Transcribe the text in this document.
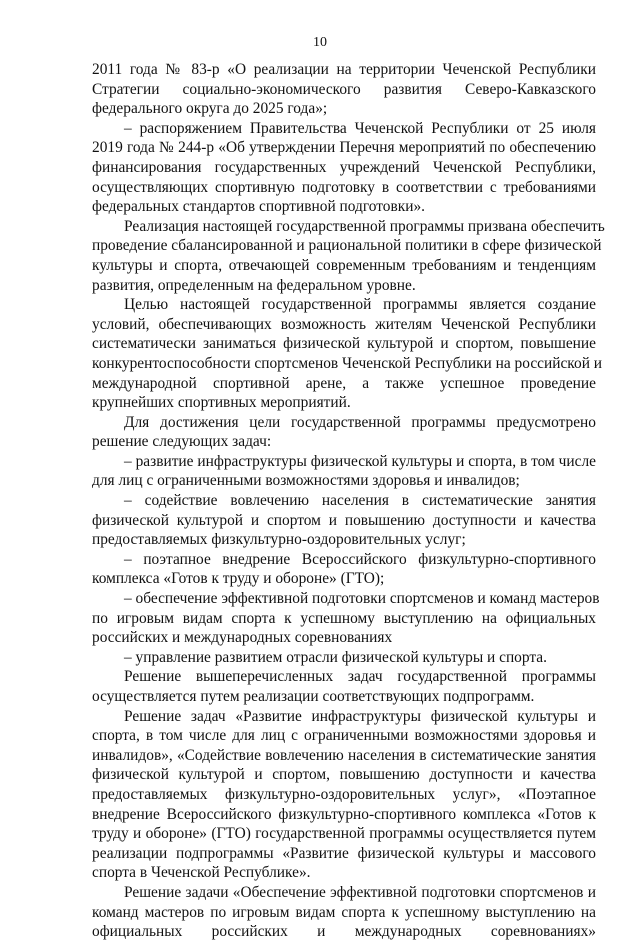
10
2011 года № 83-р «О реализации на территории Чеченской Республики
Стратегии социально-экономического развития Северо-Кавказского
федерального округа до 2025 года»;
– распоряжением Правительства Чеченской Республики от 25 июля
2019 года № 244-р «Об утверждении Перечня мероприятий по обеспечению
финансирования государственных учреждений Чеченской Республики,
осуществляющих спортивную подготовку в соответствии с требованиями
федеральных стандартов спортивной подготовки».
Реализация настоящей государственной программы призвана обеспечить
проведение сбалансированной и рациональной политики в сфере физической
культуры и спорта, отвечающей современным требованиям и тенденциям
развития, определенным на федеральном уровне.
Целью настоящей государственной программы является создание
условий, обеспечивающих возможность жителям Чеченской Республики
систематически заниматься физической культурой и спортом, повышение
конкурентоспособности спортсменов Чеченской Республики на российской и
международной спортивной арене, а также успешное проведение
крупнейших спортивных мероприятий.
Для достижения цели государственной программы предусмотрено
решение следующих задач:
– развитие инфраструктуры физической культуры и спорта, в том числе
для лиц с ограниченными возможностями здоровья и инвалидов;
– содействие вовлечению населения в систематические занятия
физической культурой и спортом и повышению доступности и качества
предоставляемых физкультурно-оздоровительных услуг;
– поэтапное внедрение Всероссийского физкультурно-спортивного
комплекса «Готов к труду и обороне» (ГТО);
– обеспечение эффективной подготовки спортсменов и команд мастеров
по игровым видам спорта к успешному выступлению на официальных
российских и международных соревнованиях
– управление развитием отрасли физической культуры и спорта.
Решение вышеперечисленных задач государственной программы
осуществляется путем реализации соответствующих подпрограмм.
Решение задач «Развитие инфраструктуры физической культуры и
спорта, в том числе для лиц с ограниченными возможностями здоровья и
инвалидов», «Содействие вовлечению населения в систематические занятия
физической культурой и спортом, повышению доступности и качества
предоставляемых физкультурно-оздоровительных услуг», «Поэтапное
внедрение Всероссийского физкультурно-спортивного комплекса «Готов к
труду и обороне» (ГТО) государственной программы осуществляется путем
реализации подпрограммы «Развитие физической культуры и массового
спорта в Чеченской Республике».
Решение задачи «Обеспечение эффективной подготовки спортсменов и
команд мастеров по игровым видам спорта к успешному выступлению на
официальных российских и международных соревнованиях»
